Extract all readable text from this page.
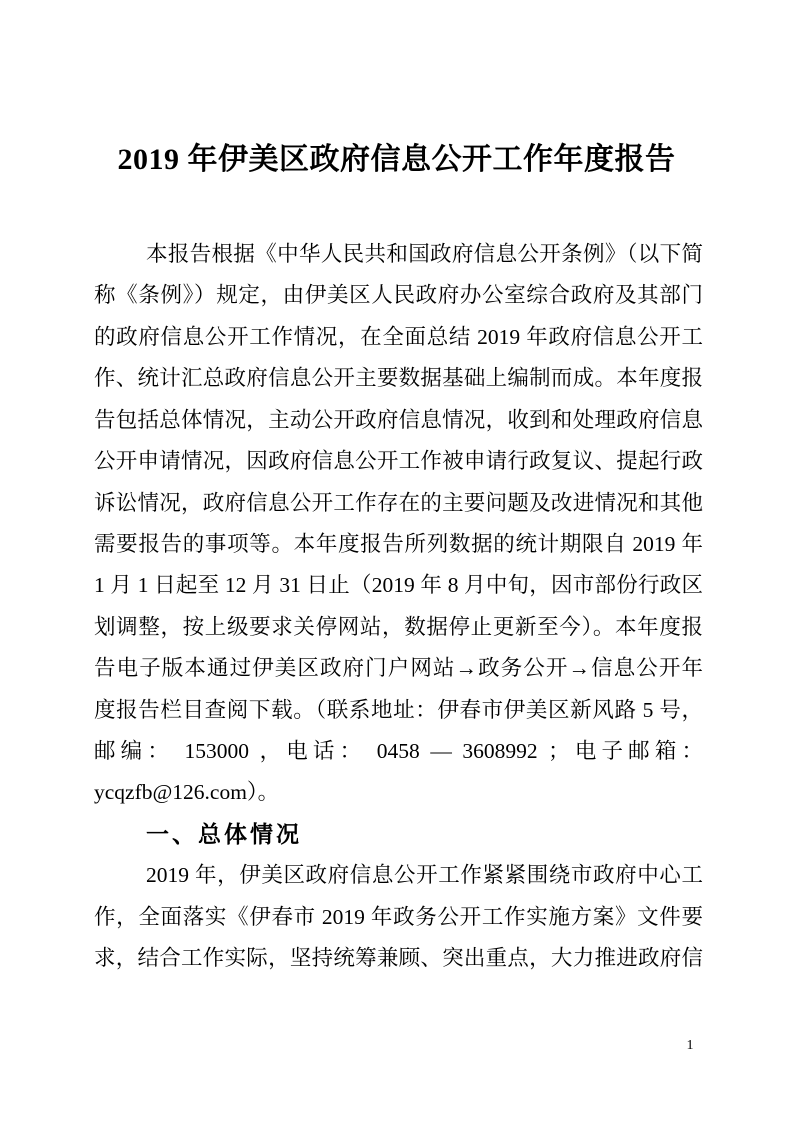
2019 年伊美区政府信息公开工作年度报告
本报告根据《中华人民共和国政府信息公开条例》（以下简
称《条例》）规定，由伊美区人民政府办公室综合政府及其部门
的政府信息公开工作情况，在全面总结 2019 年政府信息公开工
作、统计汇总政府信息公开主要数据基础上编制而成。本年度报
告包括总体情况，主动公开政府信息情况，收到和处理政府信息
公开申请情况，因政府信息公开工作被申请行政复议、提起行政
诉讼情况，政府信息公开工作存在的主要问题及改进情况和其他
需要报告的事项等。本年度报告所列数据的统计期限自 2019 年
1 月 1 日起至 12 月 31 日止（2019 年 8 月中旬，因市部份行政区
划调整，按上级要求关停网站，数据停止更新至今）。本年度报
告电子版本通过伊美区政府门户网站→政务公开→信息公开年
度报告栏目查阅下载。（联系地址：伊春市伊美区新风路 5 号，
邮编： 153000 ，电话： 0458 — 3608992 ；电子邮箱：
ycqzfb@126.com）。
一、总体情况
2019 年，伊美区政府信息公开工作紧紧围绕市政府中心工
作，全面落实《伊春市 2019 年政务公开工作实施方案》文件要
求，结合工作实际，坚持统筹兼顾、突出重点，大力推进政府信
1
